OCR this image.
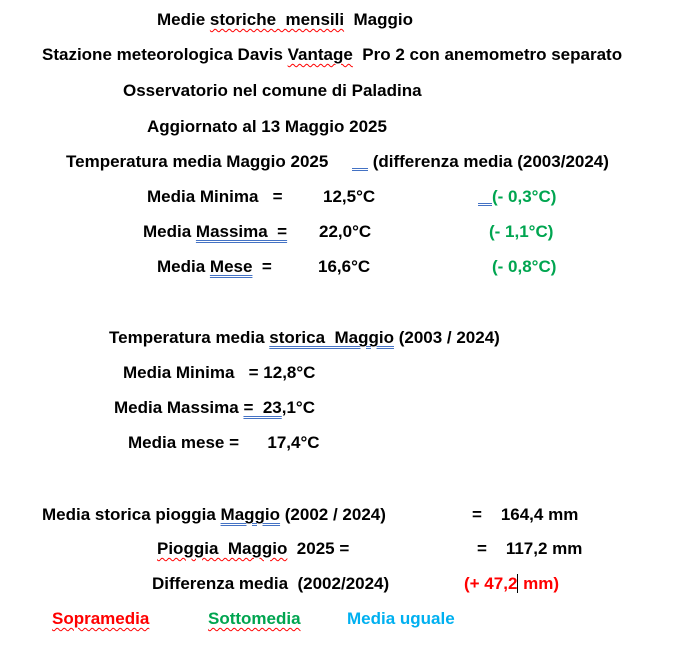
Medie storiche  mensili  Maggio
Stazione meteorologica Davis Vantage  Pro 2 con anemometro separato
Osservatorio nel comune di Paladina
Aggiornato al 13 Maggio 2025
Temperatura media Maggio 2025	(differenza media (2003/2024)
Media Minima   = 12,5°C	(- 0,3°C)
Media Massima  = 22,0°C	(- 1,1°C)
Media Mese  =	16,6°C	(- 0,8°C)
Temperatura media storica  Maggio (2003 / 2024)
Media Minima   = 12,8°C
Media Massima =  23,1°C
Media mese =      17,4°C
Media storica pioggia Maggio (2002 / 2024)	=    164,4 mm
Pioggia  Maggio  2025 =	=    117,2 mm
Differenza media  (2002/2024)	(+ 47,2 mm)
Sopramedia	Sottomedia	Media uguale
